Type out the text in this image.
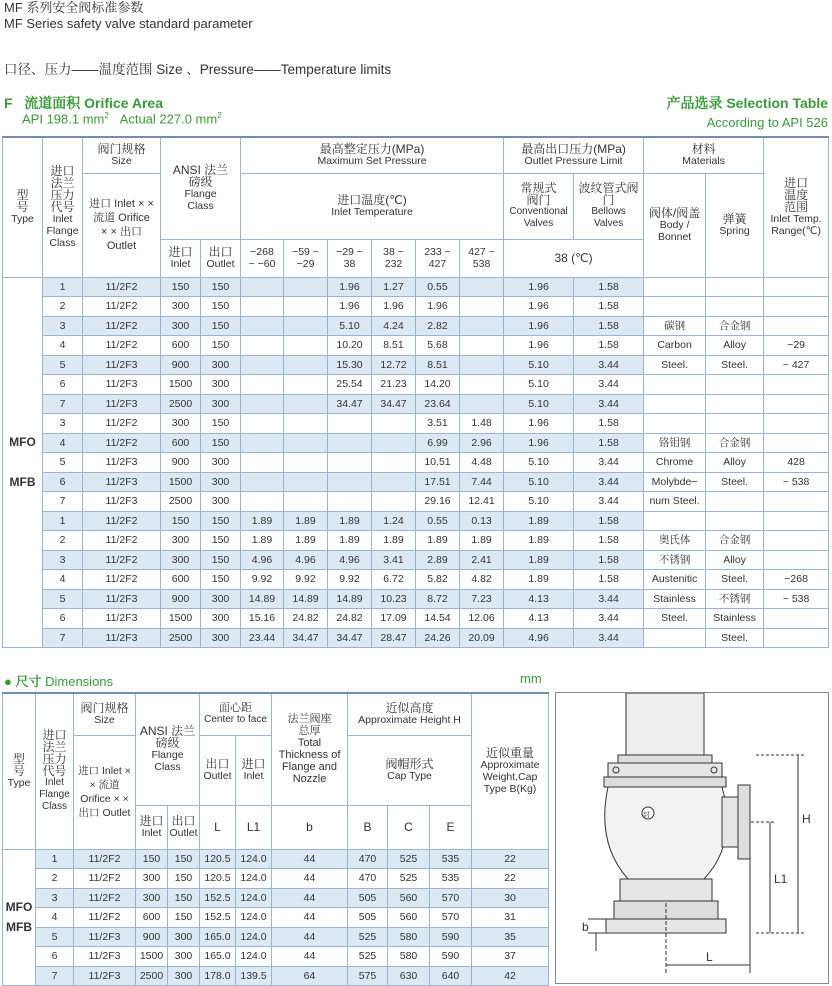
MF 系列安全阀标准参数
MF Series safety valve standard parameter
口径、压力——温度范围 Size 、Pressure——Temperature limits
F 流道面积 Orifice Area
API 198.1 $mm^2$ Actual 227.0 $mm^2$
产品选录 Selection Table
According to API 526
型号
Type	进口法兰压力代号
Inlet Flange Class	阀门规格
Size	ANSI 法兰磅级
Flange Class		最高整定压力(MPa)
Maximum Set Pressure						最高出口压力(MPa)
Outlet Pressure Limit		材料
Materials		进口温度范围
Inlet Temp. Range(℃)

		进口 Inlet × × 流道 Orifice × × 出口 Outlet			进口温度(℃)
Inlet Temperature						常规式阀门
Conventional Valves	波纹管式阀门
Bellows Valves	阀体/阀盖
Body / Bonnet	弹簧
Spring	

			进口
Inlet	出口
Outlet	−268 ~ −60	−59 ~ −29	−29 ~ 38	38 ~ 232	233 ~ 427	427 ~ 538	38 (℃)				
MFO MFB	1	11/2F2	150	150			1.96	1.27	0.55		1.96	1.58			
	2	11/2F2	300	150			1.96	1.96	1.96		1.96	1.58			
	3	11/2F2	300	150			5.10	4.24	2.82		1.96	1.58	碳钢	合金钢	
	4	11/2F2	600	150			10.20	8.51	5.68		1.96	1.58	Carbon	Alloy	−29
	5	11/2F3	900	300			15.30	12.72	8.51		5.10	3.44	Steel.	Steel.	~ 427
	6	11/2F3	1500	300			25.54	21.23	14.20		5.10	3.44			
	7	11/2F3	2500	300			34.47	34.47	23.64		5.10	3.44			
	3	11/2F2	300	150					3.51	1.48	1.96	1.58			
	4	11/2F2	600	150					6.99	2.96	1.96	1.58	铬钼钢	合金钢	
	5	11/2F3	900	300					10.51	4.48	5.10	3.44	Chrome	Alloy	428
	6	11/2F3	1500	300					17.51	7.44	5.10	3.44	Molybde−	Steel.	~ 538
	7	11/2F3	2500	300					29.16	12.41	5.10	3.44	num Steel.		
	1	11/2F2	150	150	1.89	1.89	1.89	1.24	0.55	0.13	1.89	1.58			
	2	11/2F2	300	150	1.89	1.89	1.89	1.89	1.89	1.89	1.89	1.58	奥氏体	合金钢	
	3	11/2F2	300	150	4.96	4.96	4.96	3.41	2.89	2.41	1.89	1.58	不锈钢	Alloy	
	4	11/2F2	600	150	9.92	9.92	9.92	6.72	5.82	4.82	1.89	1.58	Austenitic	Steel.	−268
	5	11/2F3	900	300	14.89	14.89	14.89	10.23	8.72	7.23	4.13	3.44	Stainless	不锈钢	~ 538
	6	11/2F3	1500	300	15.16	24.82	24.82	17.09	14.54	12.06	4.13	3.44	Steel.	Stainless	
	7	11/2F3	2500	300	23.44	34.47	34.47	28.47	24.26	20.09	4.96	3.44		Steel.	
● 尺寸 Dimensions	mm
型号
Type	进口法兰压力代号
Inlet Flange Class	阀门规格
Size	ANSI 法兰磅级
Flange Class		面心距
Center to face		法兰阀座总厚
Total Thickness of Flange and Nozzle	近似高度
Approximate Height H			近似重量
Approximate Weight,Cap Type B(Kg)

		进口 Inlet × × 流道 Orifice × × 出口 Outlet			出口
Outlet	进口
Inlet		阀帽形式
Cap Type			

			进口
Inlet	出口
Outlet	L	L1	b	B	C	E	
MFO MFB	1	11/2F2	150	150	120.5	124.0	44	470	525	535	22
	2	11/2F2	300	150	120.5	124.0	44	470	525	535	22
	3	11/2F2	300	150	152.5	124.0	44	505	560	570	30
	4	11/2F2	600	150	152.5	124.0	44	505	560	570	31
	5	11/2F3	900	300	165.0	124.0	44	525	580	590	35
	6	11/2F3	1500	300	165.0	124.0	44	525	580	590	37
	7	11/2F3	2500	300	178.0	139.5	64	575	630	640	42
H
L1
L
b
封
